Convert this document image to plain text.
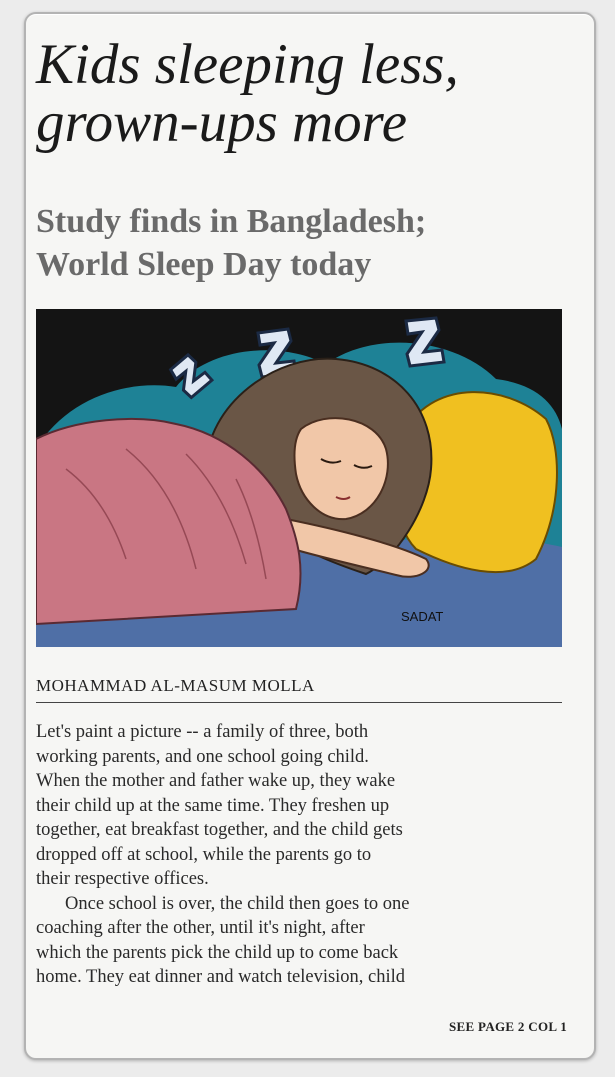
Kids sleeping less,
grown-ups more
Study finds in Bangladesh;
World Sleep Day today
SADAT
MOHAMMAD AL-MASUM MOLLA
Let's paint a picture -- a family of three, both
working parents, and one school going child.
When the mother and father wake up, they wake
their child up at the same time. They freshen up
together, eat breakfast together, and the child gets
dropped off at school, while the parents go to
their respective offices.
Once school is over, the child then goes to one
coaching after the other, until it's night, after
which the parents pick the child up to come back
home. They eat dinner and watch television, child
SEE PAGE 2 COL 1
